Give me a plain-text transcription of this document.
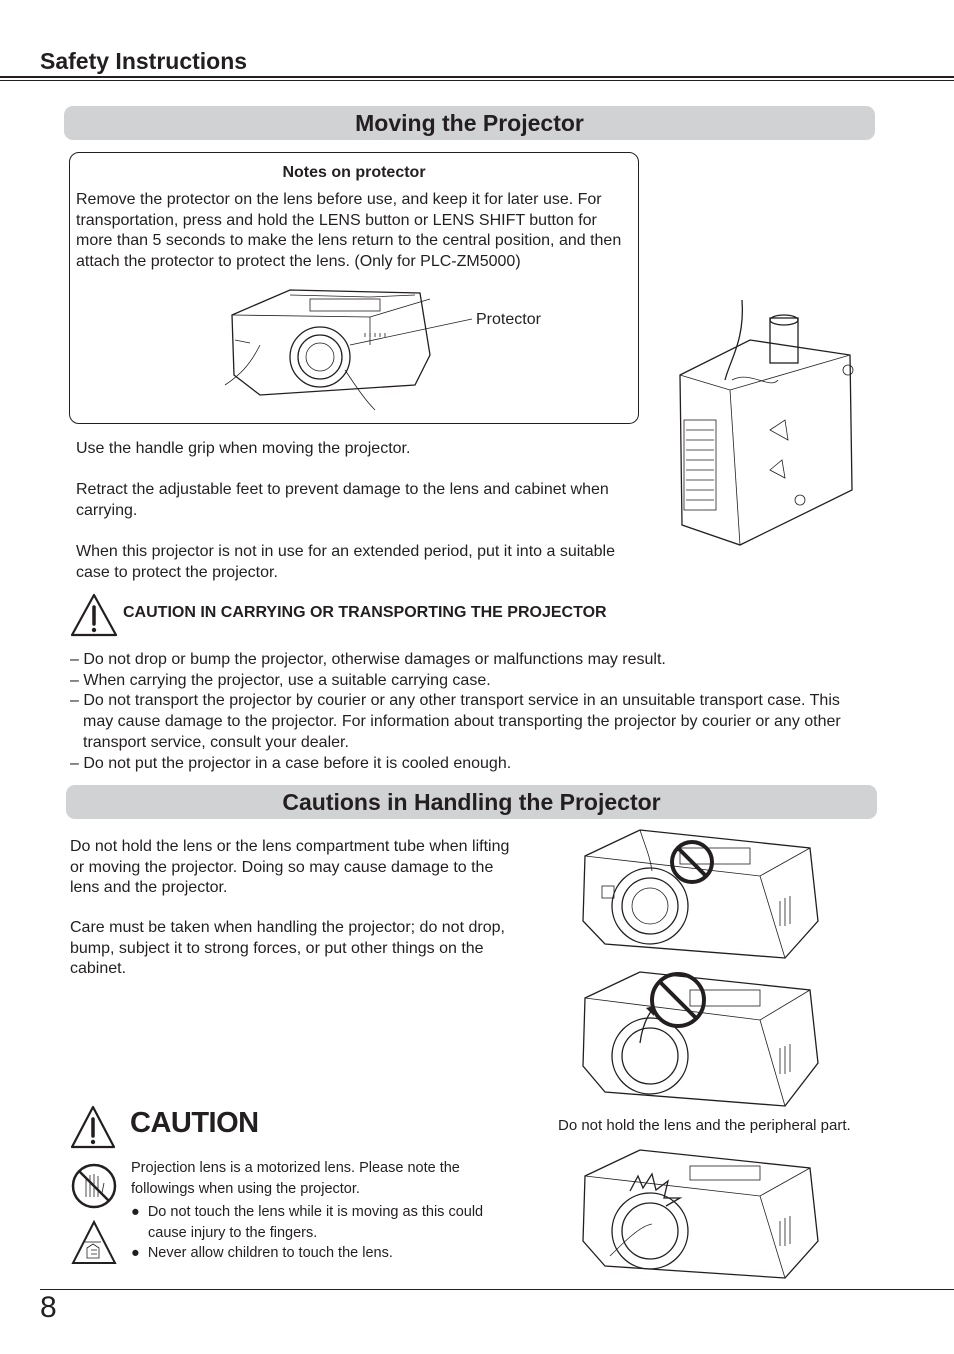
Safety Instructions
Moving the Projector
Notes on protector
Remove the protector on the lens before use, and keep it for later use. For transportation, press and hold the LENS button or LENS SHIFT button for more than 5 seconds to make the lens return to the central position, and then attach the protector to protect the lens. (Only for PLC-ZM5000)
Protector
Use the handle grip when moving the projector.
Retract the adjustable feet to prevent damage to the lens and cabinet when carrying.
When this projector is not in use for an extended period, put it into a suitable case to protect the projector.
CAUTION IN CARRYING OR TRANSPORTING THE PROJECTOR
– Do not drop or bump the projector, otherwise damages or malfunctions may result.
– When carrying the projector, use a suitable carrying case.
– Do not transport the projector by courier or any other transport service in an unsuitable transport case. This may cause damage to the projector. For information about transporting the projector by courier or any other transport service, consult your dealer.
– Do not put the projector in a case before it is cooled enough.
Cautions in Handling the Projector
Do not hold the lens or the lens compartment tube when lifting or moving the projector. Doing so may cause damage to the lens and the projector.
Care must be taken when handling the projector; do not drop, bump, subject it to strong forces, or put other things on the cabinet.
Do not hold the lens and the peripheral part.
CAUTION
Projection lens is a motorized lens. Please note the followings when using the projector.
●  Do not touch the lens while it is moving as this could cause injury to the fingers.
●  Never allow children to touch the lens.
8
